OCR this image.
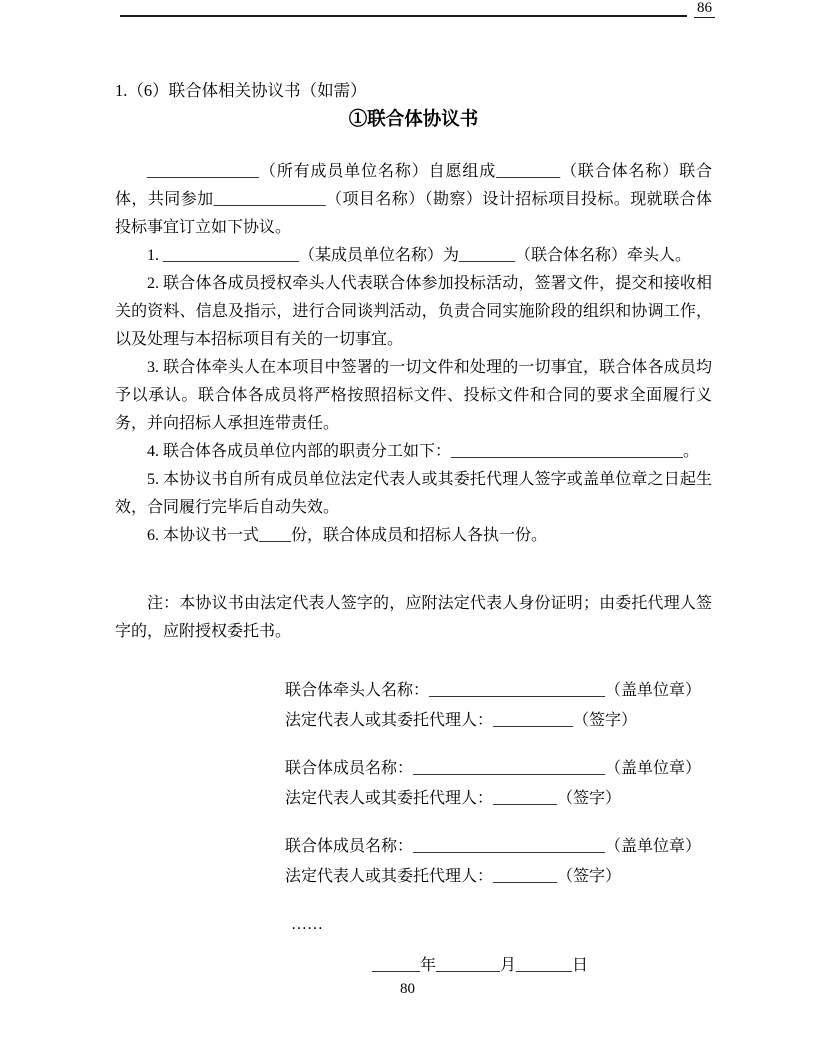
86
1.（6）联合体相关协议书（如需）
①联合体协议书

______________（所有成员单位名称）自愿组成________（联合体名称）联合体，共同参加______________（项目名称）（勘察）设计招标项目投标。现就联合体投标事宜订立如下协议。

1. _________________（某成员单位名称）为_______（联合体名称）牵头人。

2. 联合体各成员授权牵头人代表联合体参加投标活动，签署文件，提交和接收相关的资料、信息及指示，进行合同谈判活动，负责合同实施阶段的组织和协调工作，以及处理与本招标项目有关的一切事宜。

3. 联合体牵头人在本项目中签署的一切文件和处理的一切事宜，联合体各成员均予以承认。联合体各成员将严格按照招标文件、投标文件和合同的要求全面履行义务，并向招标人承担连带责任。

4. 联合体各成员单位内部的职责分工如下：_____________________________。

5. 本协议书自所有成员单位法定代表人或其委托代理人签字或盖单位章之日起生效，合同履行完毕后自动失效。

6. 本协议书一式____份，联合体成员和招标人各执一份。

注：本协议书由法定代表人签字的，应附法定代表人身份证明；由委托代理人签字的，应附授权委托书。

联合体牵头人名称：______________________（盖单位章）
法定代表人或其委托代理人：__________（签字）
联合体成员名称：________________________（盖单位章）
法定代表人或其委托代理人：________（签字）
联合体成员名称：________________________（盖单位章）
法定代表人或其委托代理人：________（签字）
……
______年________月_______日
80
